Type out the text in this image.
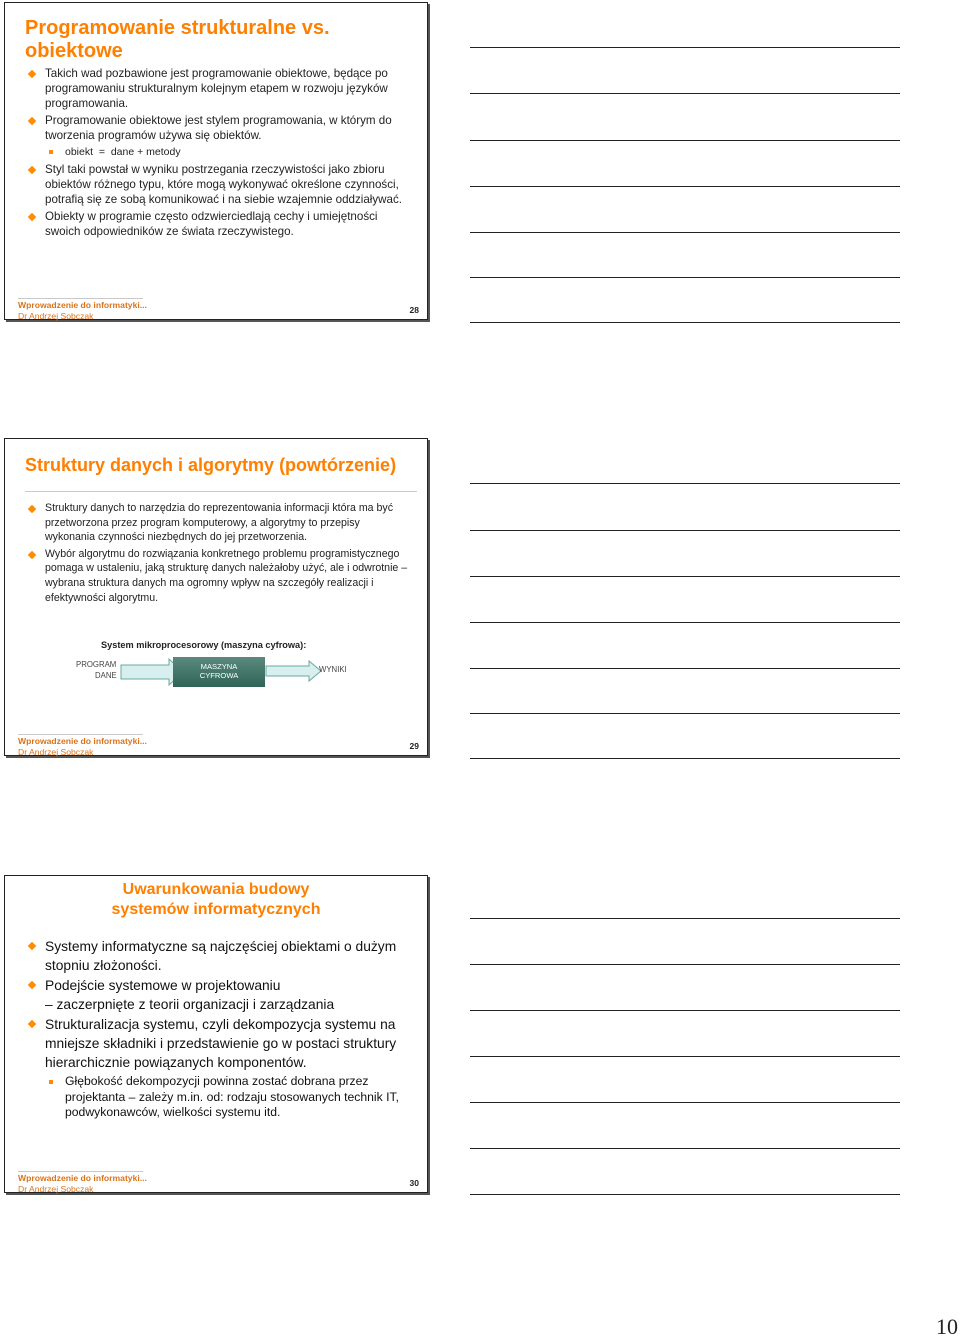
Programowanie strukturalne vs. obiektowe
Takich wad pozbawione jest programowanie obiektowe, będące po programowaniu strukturalnym kolejnym etapem w rozwoju języków programowania.
Programowanie obiektowe jest stylem programowania, w którym do tworzenia programów używa się obiektów.
obiekt  =  dane + metody
Styl taki powstał w wyniku postrzegania rzeczywistości jako zbioru obiektów różnego typu, które mogą wykonywać określone czynności, potrafią się ze sobą komunikować i na siebie wzajemnie oddziaływać.
Obiekty w programie często odzwierciedlają cechy i umiejętności swoich odpowiedników ze świata rzeczywistego.
Wprowadzenie do informatyki...
Dr Andrzej Sobczak
28
Struktury danych i algorytmy (powtórzenie)
Struktury danych to narzędzia do reprezentowania informacji która ma być przetworzona przez program komputerowy, a algorytmy to przepisy wykonania czynności niezbędnych do jej przetworzenia.
Wybór algorytmu do rozwiązania konkretnego problemu programistycznego pomaga w ustaleniu, jaką strukturę danych należałoby użyć, ale i odwrotnie – wybrana struktura danych ma ogromny wpływ na szczegóły realizacji i efektywności algorytmu.
System mikroprocesorowy (maszyna cyfrowa):
PROGRAM
DANE
MASZYNA
CYFROWA
WYNIKI
Wprowadzenie do informatyki...
Dr Andrzej Sobczak
29
Uwarunkowania budowy
systemów informatycznych
Systemy informatyczne są najczęściej obiektami o dużym stopniu złożoności.
Podejście systemowe w projektowaniu
– zaczerpnięte z teorii organizacji i zarządzania
Strukturalizacja systemu, czyli dekompozycja systemu na mniejsze składniki i przedstawienie go w postaci struktury hierarchicznie powiązanych komponentów.
Głębokość dekompozycji powinna zostać dobrana przez projektanta – zależy m.in. od: rodzaju stosowanych technik IT, podwykonawców, wielkości systemu itd.
Wprowadzenie do informatyki...
Dr Andrzej Sobczak
30
10
